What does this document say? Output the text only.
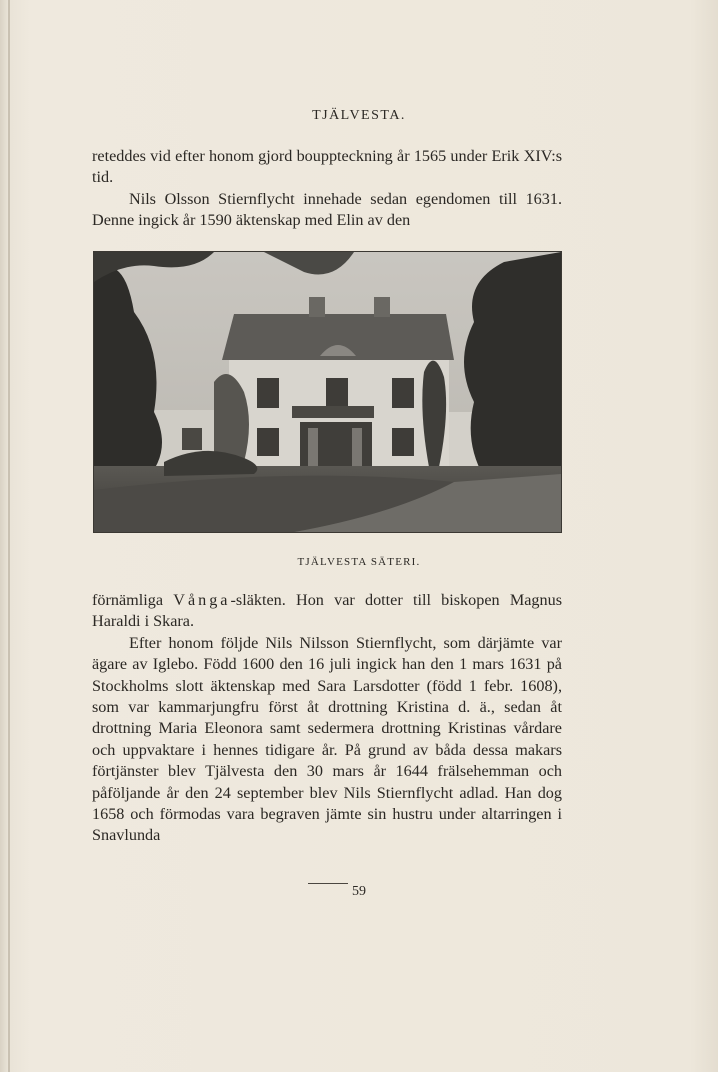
TJÄLVESTA.

reteddes vid efter honom gjord bouppteckning år 1565 under Erik XIV:s tid.

Nils Olsson Stiernflycht innehade sedan egendomen till 1631. Denne ingick år 1590 äktenskap med Elin av den

TJÄLVESTA SÄTERI.

förnämliga Vånga-släkten. Hon var dotter till biskopen Magnus Haraldi i Skara.

Efter honom följde Nils Nilsson Stiernflycht, som därjämte var ägare av Iglebo. Född 1600 den 16 juli ingick han den 1 mars 1631 på Stockholms slott äktenskap med Sara Larsdotter (född 1 febr. 1608), som var kammarjungfru först åt drottning Kristina d. ä., sedan åt drottning Maria Eleonora samt sedermera drottning Kristinas vårdare och uppvaktare i hennes tidigare år. På grund av båda dessa makars förtjänster blev Tjälvesta den 30 mars år 1644 frälsehemman och påföljande år den 24 september blev Nils Stiernflycht adlad. Han dog 1658 och förmodas vara begraven jämte sin hustru under altarringen i Snavlunda

59
